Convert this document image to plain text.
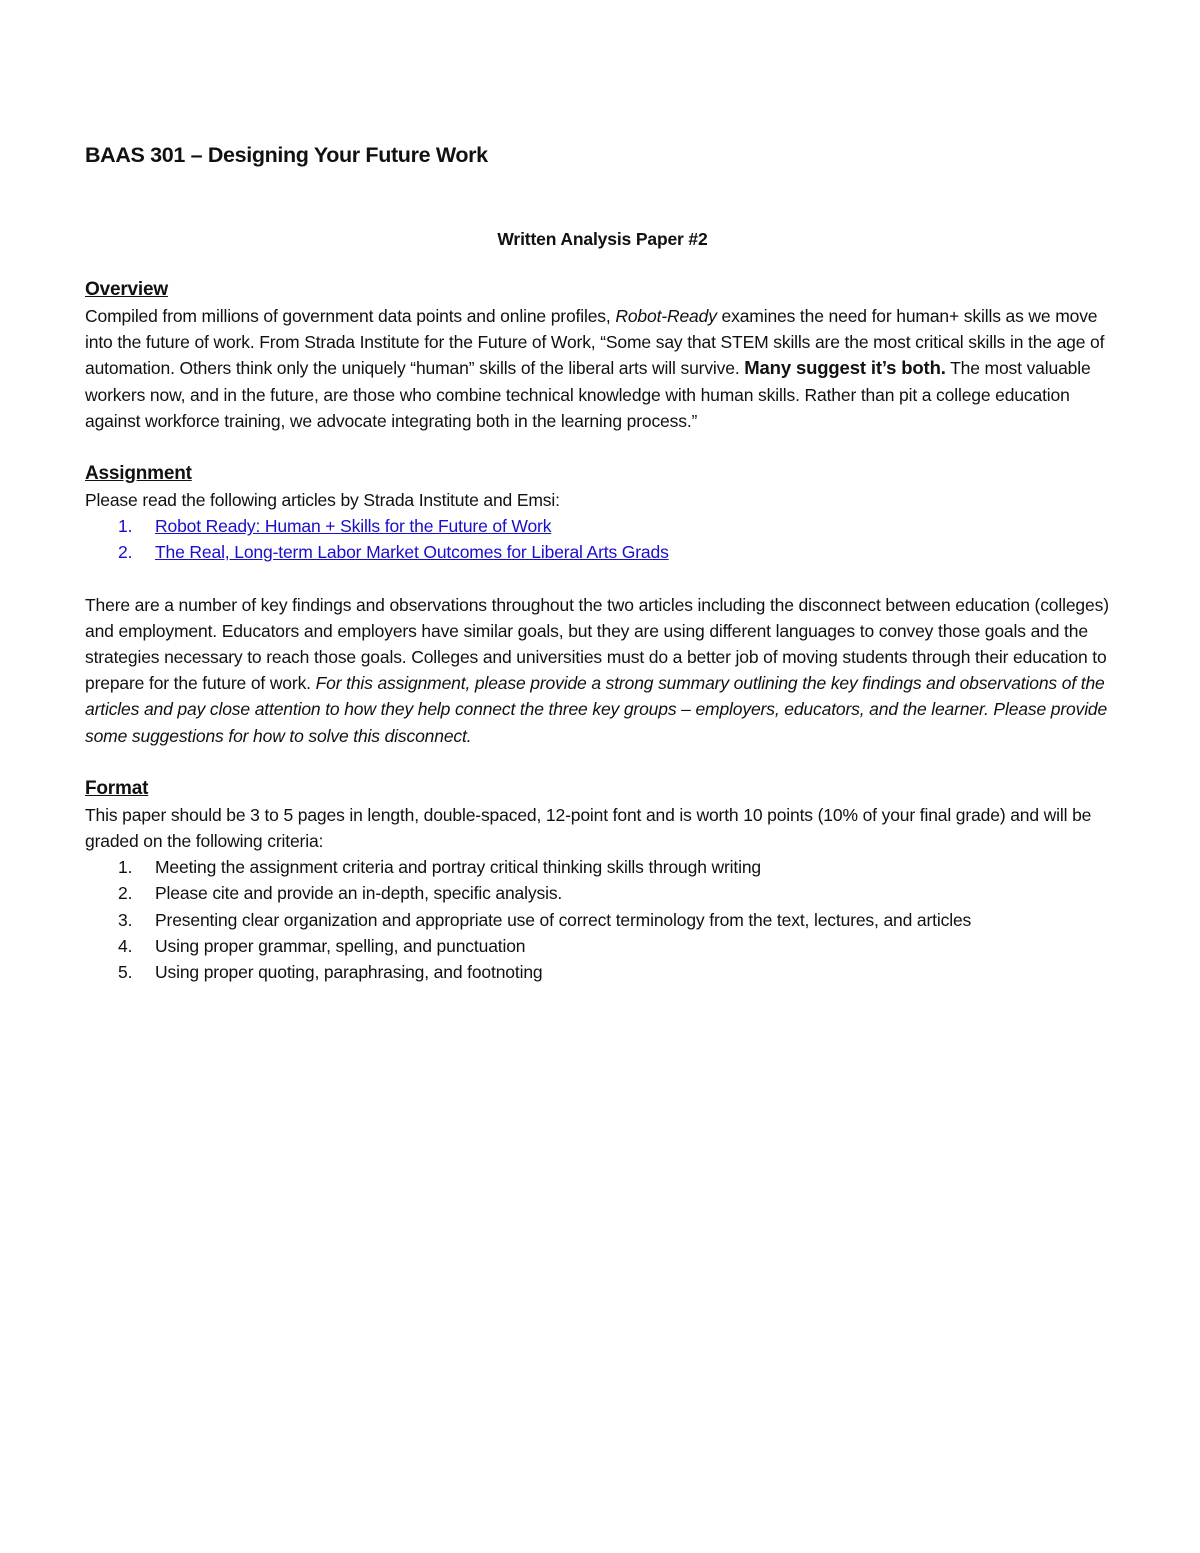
BAAS 301 – Designing Your Future Work
Written Analysis Paper #2
Overview

Compiled from millions of government data points and online profiles, Robot-Ready examines the need for human+ skills as we move into the future of work. From Strada Institute for the Future of Work, “Some say that STEM skills are the most critical skills in the age of automation. Others think only the uniquely “human” skills of the liberal arts will survive. Many suggest it’s both. The most valuable workers now, and in the future, are those who combine technical knowledge with human skills. Rather than pit a college education against workforce training, we advocate integrating both in the learning process.”

Assignment

Please read the following articles by Strada Institute and Emsi:

1. Robot Ready: Human + Skills for the Future of Work
2. The Real, Long-term Labor Market Outcomes for Liberal Arts Grads

There are a number of key findings and observations throughout the two articles including the disconnect between education (colleges) and employment. Educators and employers have similar goals, but they are using different languages to convey those goals and the strategies necessary to reach those goals. Colleges and universities must do a better job of moving students through their education to prepare for the future of work. For this assignment, please provide a strong summary outlining the key findings and observations of the articles and pay close attention to how they help connect the three key groups – employers, educators, and the learner. Please provide some suggestions for how to solve this disconnect.

Format

This paper should be 3 to 5 pages in length, double-spaced, 12-point font and is worth 10 points (10% of your final grade) and will be graded on the following criteria:

1. Meeting the assignment criteria and portray critical thinking skills through writing
2. Please cite and provide an in-depth, specific analysis.
3. Presenting clear organization and appropriate use of correct terminology from the text, lectures, and articles
4. Using proper grammar, spelling, and punctuation
5. Using proper quoting, paraphrasing, and footnoting
